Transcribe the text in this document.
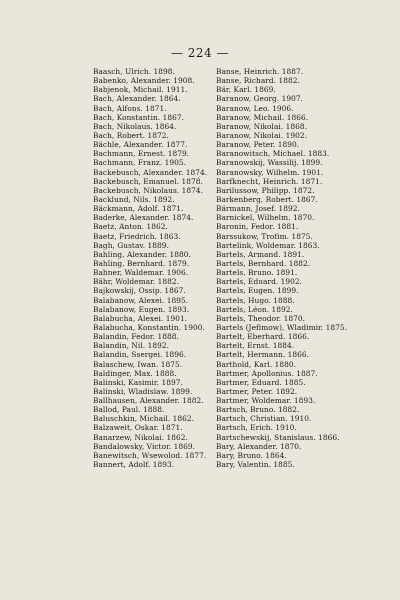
— 224 —
Baasch, Ulrich. 1898.
Babenko, Alexander. 1908.
Babjenok, Michail. 1911.
Bach, Alexander. 1864.
Bach, Alfons. 1871.
Bach, Konstantin. 1867.
Bach, Nikolaus. 1864.
Bach, Robert. 1872.
Bächle, Alexander. 1877.
Bachmann, Ernest. 1879.
Bachmann, Franz. 1905.
Backebusch, Alexander. 1874.
Backebusch, Emanuel. 1878.
Backebusch, Nikolaus. 1874.
Backlund, Nils. 1892.
Bäckmann, Adolf. 1871.
Baderke, Alexander. 1874.
Baetz, Anton. 1862.
Baetz, Friedrich. 1863.
Bagh, Gustav. 1889.
Bahling, Alexander. 1880.
Bahling, Bernhard. 1879.
Bahner, Waldemar. 1906.
Bähr, Woldemar. 1882.
Bajkowskij, Ossip. 1867.
Balabanow, Alexei. 1895.
Balabanow, Eugen. 1893.
Balabucha, Alexei. 1901.
Balabucha, Konstantin. 1900.
Balandin, Fedor. 1888.
Balandin, Nil. 1892.
Balandin, Ssergei. 1896.
Balaschew, Iwan. 1875.
Baldinger, Max. 1888.
Balinski, Kasimir. 1897.
Balinski, Wladislaw. 1899.
Ballhausen, Alexander. 1882.
Ballod, Paul. 1888.
Baluschkin, Michail. 1862.
Balzaweit, Oskar. 1871.
Banarzew, Nikolai. 1862.
Bandalowsky, Victor. 1869.
Banewitsch, Wsewolod. 1877.
Bannert, Adolf. 1893.
Banse, Heinrich. 1887.
Banse, Richard. 1882.
Bär, Karl. 1869.
Baranow, Georg. 1907.
Baranow, Leo. 1906.
Baranow, Michail. 1866.
Baranow, Nikolai. 1868.
Baranow, Nikolai. 1902.
Baranow, Peter. 1890.
Baranowitsch, Michael. 1883.
Baranowskij, Wassilij. 1899.
Baranowsky, Wilhelm. 1901.
Barfknecht, Heinrich. 1871.
Barilussow, Philipp. 1872.
Barkenberg, Robert. 1867.
Bärmann, Josef. 1892.
Barnickel, Wilhelm. 1870.
Baronin, Fedor. 1881.
Barssukow, Trofim. 1875.
Bartelink, Woldemar. 1863.
Bartels, Armand. 1891.
Bartels, Bernhard. 1882.
Bartels, Bruno. 1891.
Bartels, Eduard. 1902.
Bartels, Eugen. 1899.
Bartels, Hugo. 1888.
Bartels, Léon. 1892.
Bartels, Theodor. 1870.
Bartels (Jefimow), Wladimir. 1875.
Bartelt, Eberhard. 1866.
Bartelt, Ernst. 1884.
Bartelt, Hermann. 1866.
Barthold, Karl. 1880.
Bartmer, Apollonius. 1887.
Bartmer, Eduard. 1885.
Bartmer, Peter. 1892.
Bartmer, Woldemar. 1893.
Bartsch, Bruno. 1882.
Bartsch, Christian. 1910.
Bartsch, Erich. 1910.
Bartschewskij, Stanislaus. 1866.
Bary, Alexander. 1870.
Bary, Bruno. 1864.
Bary, Valentin. 1885.
